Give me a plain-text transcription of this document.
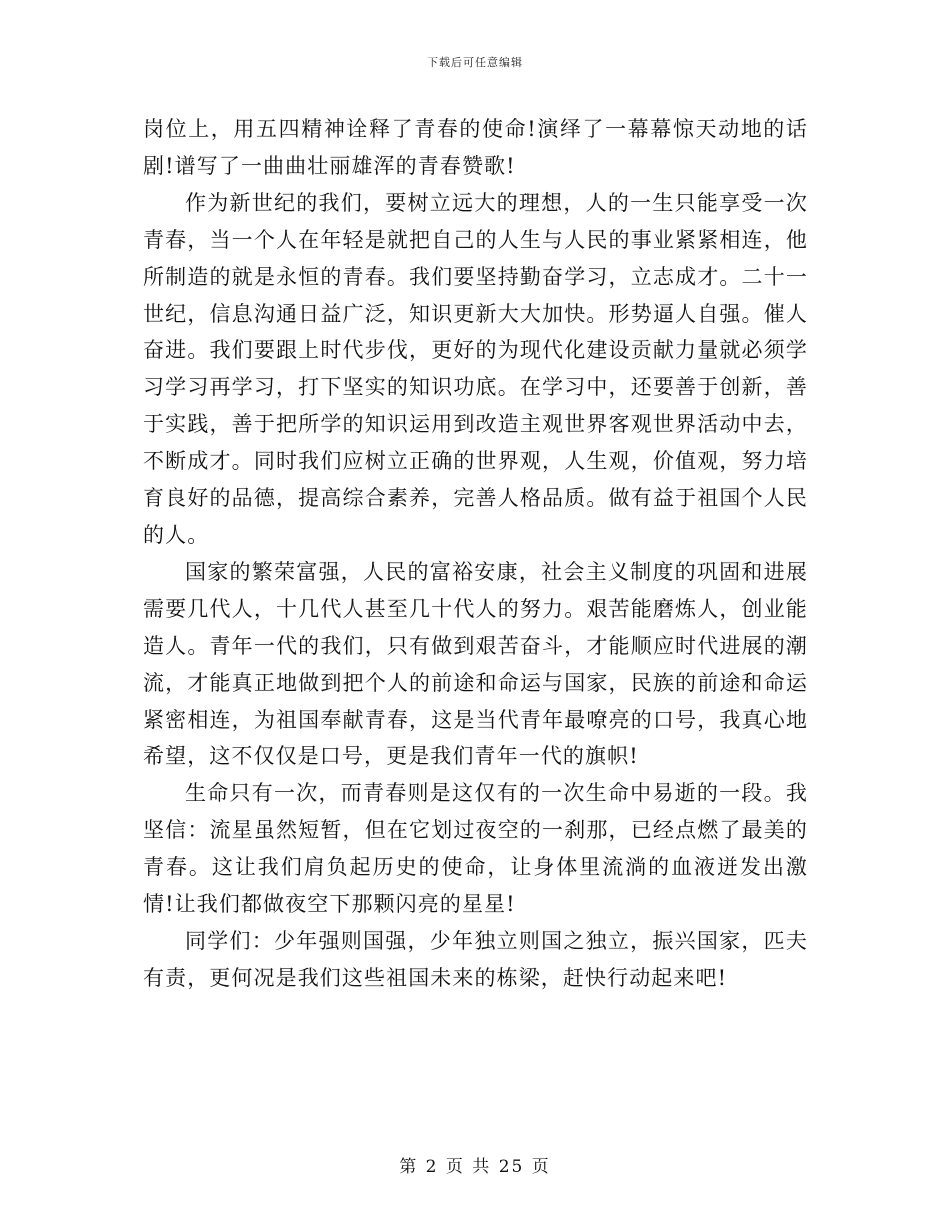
下载后可任意编辑

岗位上，用五四精神诠释了青春的使命!演绎了一幕幕惊天动地的话剧!谱写了一曲曲壮丽雄浑的青春赞歌!

作为新世纪的我们，要树立远大的理想，人的一生只能享受一次青春，当一个人在年轻是就把自己的人生与人民的事业紧紧相连，他所制造的就是永恒的青春。我们要坚持勤奋学习，立志成才。二十一世纪，信息沟通日益广泛，知识更新大大加快。形势逼人自强。催人奋进。我们要跟上时代步伐，更好的为现代化建设贡献力量就必须学习学习再学习，打下坚实的知识功底。在学习中，还要善于创新，善于实践，善于把所学的知识运用到改造主观世界客观世界活动中去，不断成才。同时我们应树立正确的世界观，人生观，价值观，努力培育良好的品德，提高综合素养，完善人格品质。做有益于祖国个人民的人。

国家的繁荣富强，人民的富裕安康，社会主义制度的巩固和进展需要几代人，十几代人甚至几十代人的努力。艰苦能磨炼人，创业能造人。青年一代的我们，只有做到艰苦奋斗，才能顺应时代进展的潮流，才能真正地做到把个人的前途和命运与国家，民族的前途和命运紧密相连，为祖国奉献青春，这是当代青年最嘹亮的口号，我真心地希望，这不仅仅是口号，更是我们青年一代的旗帜!

生命只有一次，而青春则是这仅有的一次生命中易逝的一段。我坚信：流星虽然短暂，但在它划过夜空的一刹那，已经点燃了最美的青春。这让我们肩负起历史的使命，让身体里流淌的血液迸发出激情!让我们都做夜空下那颗闪亮的星星!

同学们：少年强则国强，少年独立则国之独立，振兴国家，匹夫有责，更何况是我们这些祖国未来的栋梁，赶快行动起来吧!

第 2 页 共 25 页
